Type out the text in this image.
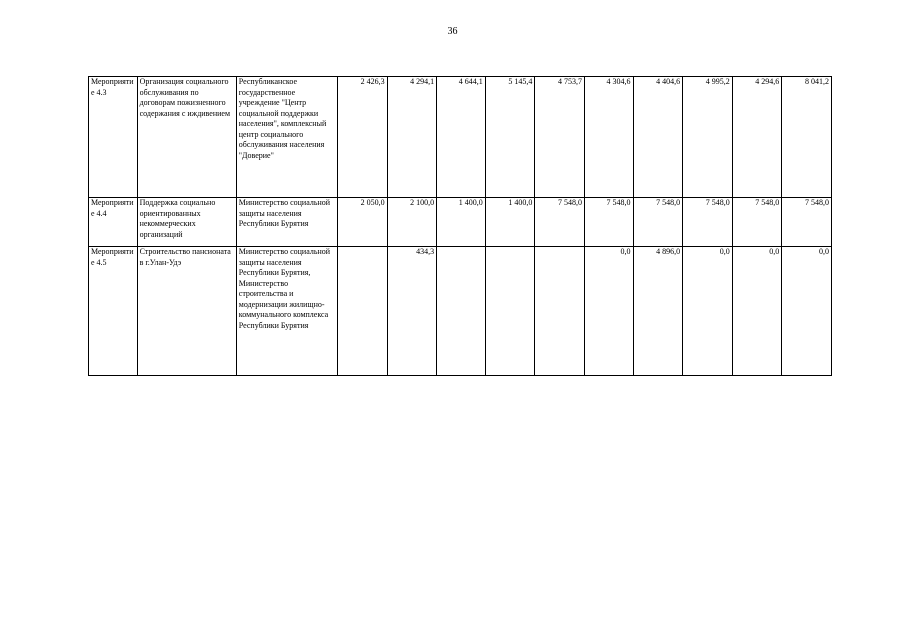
36
Мероприятие 4.3	Организация социального обслуживания по договорам пожизненного содержания с иждивением	Республиканское государственное учреждение "Центр социальной поддержки населения", комплексный центр социального обслуживания населения "Доверие"	2 426,3	4 294,1	4 644,1	5 145,4	4 753,7	4 304,6	4 404,6	4 995,2	4 294,6	8 041,2
Мероприятие 4.4	Поддержка социально ориентированных некоммерческих организаций	Министерство социальной защиты населения Республики Бурятия	2 050,0	2 100,0	1 400,0	1 400,0	7 548,0	7 548,0	7 548,0	7 548,0	7 548,0	7 548,0
Мероприятие 4.5	Строительство пансионата в г.Улан-Удэ	Министерство социальной защиты населения Республики Бурятия, Министерство строительства и модернизации жилищно-коммунального комплекса Республики Бурятия		434,3				0,0	4 896,0	0,0	0,0	0,0
